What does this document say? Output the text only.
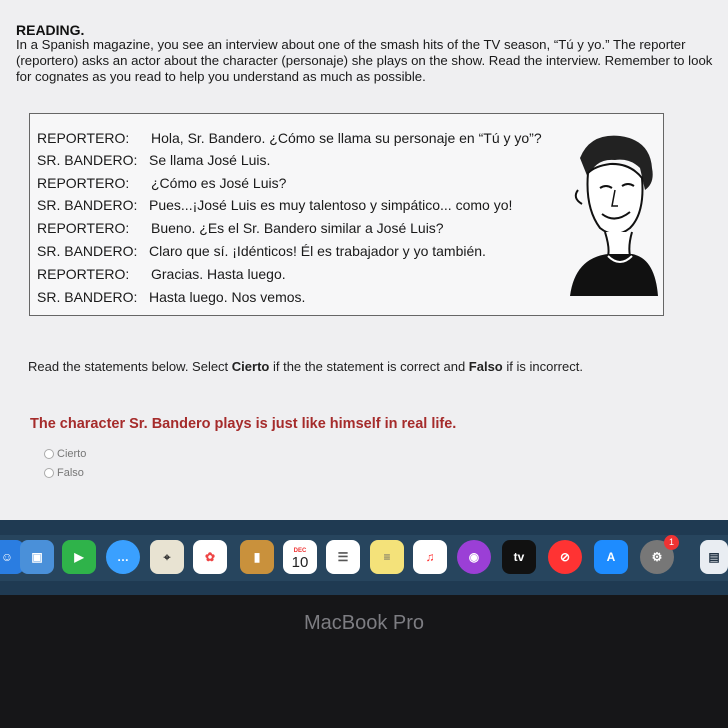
READING.
In a Spanish magazine, you see an interview about one of the smash hits of the TV season, “Tú y yo.” The reporter (reportero) asks an actor about the character (personaje) she plays on the show. Read the interview. Remember to look for cognates as you read to help you understand as much as possible.
REPORTERO: Hola, Sr. Bandero. ¿Cómo se llama su personaje en “Tú y yo”?
SR. BANDERO: Se llama José Luis.
REPORTERO: ¿Cómo es José Luis?
SR. BANDERO: Pues...¡José Luis es muy talentoso y simpático... como yo!
REPORTERO: Bueno. ¿Es el Sr. Bandero similar a José Luis?
SR. BANDERO: Claro que sí. ¡Idénticos! Él es trabajador y yo también.
REPORTERO: Gracias. Hasta luego.
SR. BANDERO: Hasta luego. Nos vemos.
Read the statements below. Select Cierto if the the statement is correct and Falso if is incorrect.
The character Sr. Bandero plays is just like himself in real life.
Cierto
Falso
☺	▣	▶	…	⌖	✿	▮	DEC
10	☰	≡	♫	◉	tv	⊘	A	⚙
1
▤
MacBook Pro
